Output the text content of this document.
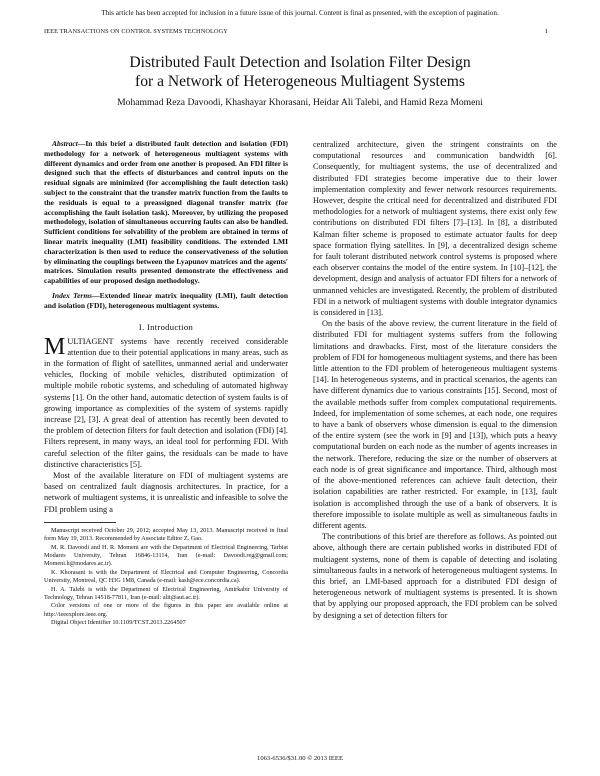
This article has been accepted for inclusion in a future issue of this journal. Content is final as presented, with the exception of pagination.
IEEE TRANSACTIONS ON CONTROL SYSTEMS TECHNOLOGY	1
Distributed Fault Detection and Isolation Filter Design
for a Network of Heterogeneous Multiagent Systems
Mohammad Reza Davoodi, Khashayar Khorasani, Heidar Ali Talebi, and Hamid Reza Momeni

Abstract—In this brief a distributed fault detection and isolation (FDI) methodology for a network of heterogeneous multiagent systems with different dynamics and order from one another is proposed. An FDI filter is designed such that the effects of disturbances and control inputs on the residual signals are minimized (for accomplishing the fault detection task) subject to the constraint that the transfer matrix function from the faults to the residuals is equal to a preassigned diagonal transfer matrix (for accomplishing the fault isolation task). Moreover, by utilizing the proposed methodology, isolation of simultaneous occurring faults can also be handled. Sufficient conditions for solvability of the problem are obtained in terms of linear matrix inequality (LMI) feasibility conditions. The extended LMI characterization is then used to reduce the conservativeness of the solution by eliminating the couplings between the Lyapunov matrices and the agents' matrices. Simulation results presented demonstrate the effectiveness and capabilities of our proposed design methodology.

Index Terms—Extended linear matrix inequality (LMI), fault detection and isolation (FDI), heterogeneous multiagent systems.

I. Introduction

MULTIAGENT systems have recently received considerable attention due to their potential applications in many areas, such as in the formation of flight of satellites, unmanned aerial and underwater vehicles, flocking of mobile vehicles, distributed optimization of multiple mobile robotic systems, and scheduling of automated highway systems [1]. On the other hand, automatic detection of system faults is of growing importance as complexities of the system of systems rapidly increase [2], [3]. A great deal of attention has recently been devoted to the problem of detection filters for fault detection and isolation (FDI) [4]. Filters represent, in many ways, an ideal tool for performing FDI. With careful selection of the filter gains, the residuals can be made to have distinctive characteristics [5].

Most of the available literature on FDI of multiagent systems are based on centralized fault diagnosis architectures. In practice, for a network of multiagent systems, it is unrealistic and infeasible to solve the FDI problem using a

Manuscript received October 29, 2012; accepted May 13, 2013. Manuscript received in final form May 19, 2013. Recommended by Associate Editor Z. Gao.

M. R. Davoodi and H. R. Momeni are with the Department of Electrical Engineering, Tarbiat Modares University, Tehran 16846-13114, Iran (e-mail: Davoodi.reg@gmail.com; Momeni.h@modares.ac.ir).

K. Khorasani is with the Department of Electrical and Computer Engineering, Concordia University, Montreal, QC H3G 1M8, Canada (e-mail: kash@ece.concordia.ca).

H. A. Talebi is with the Department of Electrical Engineering, Amirkabir University of Technology, Tehran 14518-77811, Iran (e-mail: alit@aut.ac.ir).

Color versions of one or more of the figures in this paper are available online at http://ieeexplore.ieee.org.

Digital Object Identifier 10.1109/TCST.2013.2264507

centralized architecture, given the stringent constraints on the computational resources and communication bandwidth [6]. Consequently, for multiagent systems, the use of decentralized and distributed FDI strategies become imperative due to their lower implementation complexity and fewer network resources requirements. However, despite the critical need for decentralized and distributed FDI methodologies for a network of multiagent systems, there exist only few contributions on distributed FDI filters [7]–[13]. In [8], a distributed Kalman filter scheme is proposed to estimate actuator faults for deep space formation flying satellites. In [9], a decentralized design scheme for fault tolerant distributed network control systems is proposed where each observer contains the model of the entire system. In [10]–[12], the development, design and analysis of actuator FDI filters for a network of unmanned vehicles are investigated. Recently, the problem of distributed FDI in a network of multiagent systems with double integrator dynamics is considered in [13].

On the basis of the above review, the current literature in the field of distributed FDI for multiagent systems suffers from the following limitations and drawbacks. First, most of the literature considers the problem of FDI for homogeneous multiagent systems, and there has been little attention to the FDI problem of heterogeneous multiagent systems [14]. In heterogeneous systems, and in practical scenarios, the agents can have different dynamics due to various constraints [15]. Second, most of the available methods suffer from complex computational requirements. Indeed, for implementation of some schemes, at each node, one requires to have a bank of observers whose dimension is equal to the dimension of the entire system (see the work in [9] and [13]), which puts a heavy computational burden on each node as the number of agents increases in the network. Therefore, reducing the size or the number of observers at each node is of great significance and importance. Third, although most of the above-mentioned references can achieve fault detection, their isolation capabilities are rather restricted. For example, in [13], fault isolation is accomplished through the use of a bank of observers. It is therefore impossible to isolate multiple as well as simultaneous faults in different agents.

The contributions of this brief are therefore as follows. As pointed out above, although there are certain published works in distributed FDI of multiagent systems, none of them is capable of detecting and isolating simultaneous faults in a network of heterogeneous multiagent systems. In this brief, an LMI-based approach for a distributed FDI design of heterogeneous network of multiagent systems is presented. It is shown that by applying our proposed approach, the FDI problem can be solved by designing a set of detection filters for

1063-6536/$31.00 © 2013 IEEE
